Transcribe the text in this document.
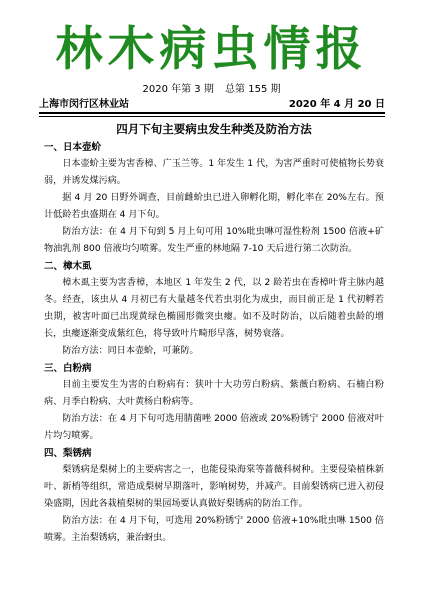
林木病虫情报
2020 年第 3 期 总第 155 期
上海市闵行区林业站	2020 年 4 月 20 日
四月下旬主要病虫发生种类及防治方法
一、日本壶蚧

日本壶蚧主要为害香樟、广玉兰等。1 年发生 1 代，为害严重时可使植物长势衰弱，并诱发煤污病。

据 4 月 20 日野外调查，目前雌蚧虫已进入卵孵化期，孵化率在 20%左右。预计低龄若虫盛期在 4 月下旬。

防治方法：在 4 月下旬到 5 月上旬可用 10%吡虫啉可湿性粉剂 1500 倍液+矿物油乳剂 800 倍液均匀喷雾。发生严重的林地隔 7-10 天后进行第二次防治。

二、樟木虱

樟木虱主要为害香樟，本地区 1 年发生 2 代，以 2 龄若虫在香樟叶背主脉内越冬。经查，该虫从 4 月初已有大量越冬代若虫羽化为成虫，而目前正是 1 代初孵若虫期，被害叶面已出现黄绿色椭圆形微突虫瘿。如不及时防治，以后随着虫龄的增长，虫瘿逐渐变成紫红色，将导致叶片畸形早落，树势衰落。

防治方法：同日本壶蚧，可兼防。

三、白粉病

目前主要发生为害的白粉病有：狭叶十大功劳白粉病、紫薇白粉病、石楠白粉病、月季白粉病、大叶黄杨白粉病等。

防治方法：在 4 月下旬可选用腈菌唑 2000 倍液或 20%粉锈宁 2000 倍液对叶片均匀喷雾。

四、梨锈病

梨锈病是梨树上的主要病害之一，也能侵染海棠等蔷薇科树种。主要侵染植株新叶、新梢等组织，常造成梨树早期落叶，影响树势，并减产。目前梨锈病已进入初侵染盛期，因此各栽植梨树的果园场要认真做好梨锈病的防治工作。

防治方法：在 4 月下旬，可选用 20%粉锈宁 2000 倍液+10%吡虫啉 1500 倍喷雾。主治梨锈病，兼治蚜虫。
